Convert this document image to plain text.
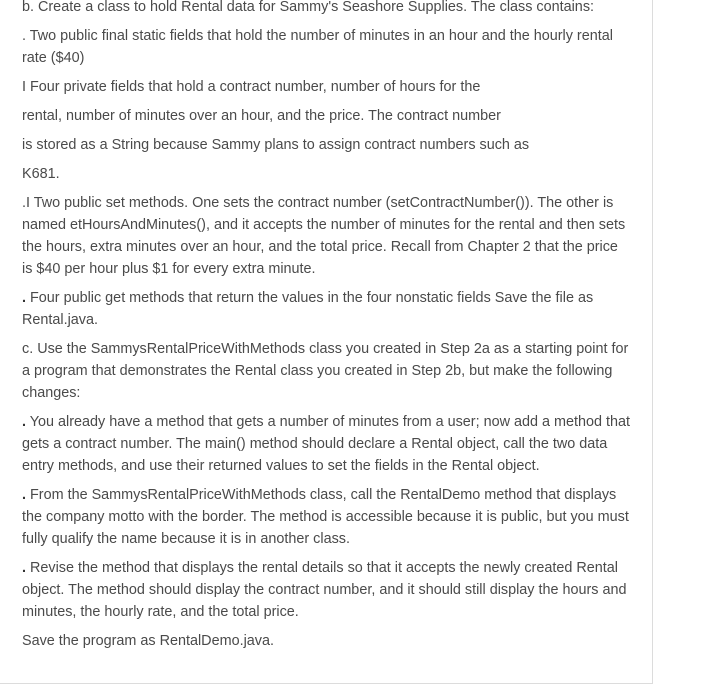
b. Create a class to hold Rental data for Sammy's Seashore Supplies. The class contains:

. Two public final static fields that hold the number of minutes in an hour and the hourly rental rate ($40)

I Four private fields that hold a contract number, number of hours for the

rental, number of minutes over an hour, and the price. The contract number

is stored as a String because Sammy plans to assign contract numbers such as

K681.

.I Two public set methods. One sets the contract number (setContractNumber()). The other is named etHoursAndMinutes(), and it accepts the number of minutes for the rental and then sets the hours, extra minutes over an hour, and the total price. Recall from Chapter 2 that the price is $40 per hour plus $1 for every extra minute.

. Four public get methods that return the values in the four nonstatic fields Save the file as Rental.java.

c. Use the SammysRentalPriceWithMethods class you created in Step 2a as a starting point for a program that demonstrates the Rental class you created in Step 2b, but make the following changes:

. You already have a method that gets a number of minutes from a user; now add a method that gets a contract number. The main() method should declare a Rental object, call the two data entry methods, and use their returned values to set the fields in the Rental object.

. From the SammysRentalPriceWithMethods class, call the RentalDemo method that displays the company motto with the border. The method is accessible because it is public, but you must fully qualify the name because it is in another class.

. Revise the method that displays the rental details so that it accepts the newly created Rental object. The method should display the contract number, and it should still display the hours and minutes, the hourly rate, and the total price.

Save the program as RentalDemo.java.
